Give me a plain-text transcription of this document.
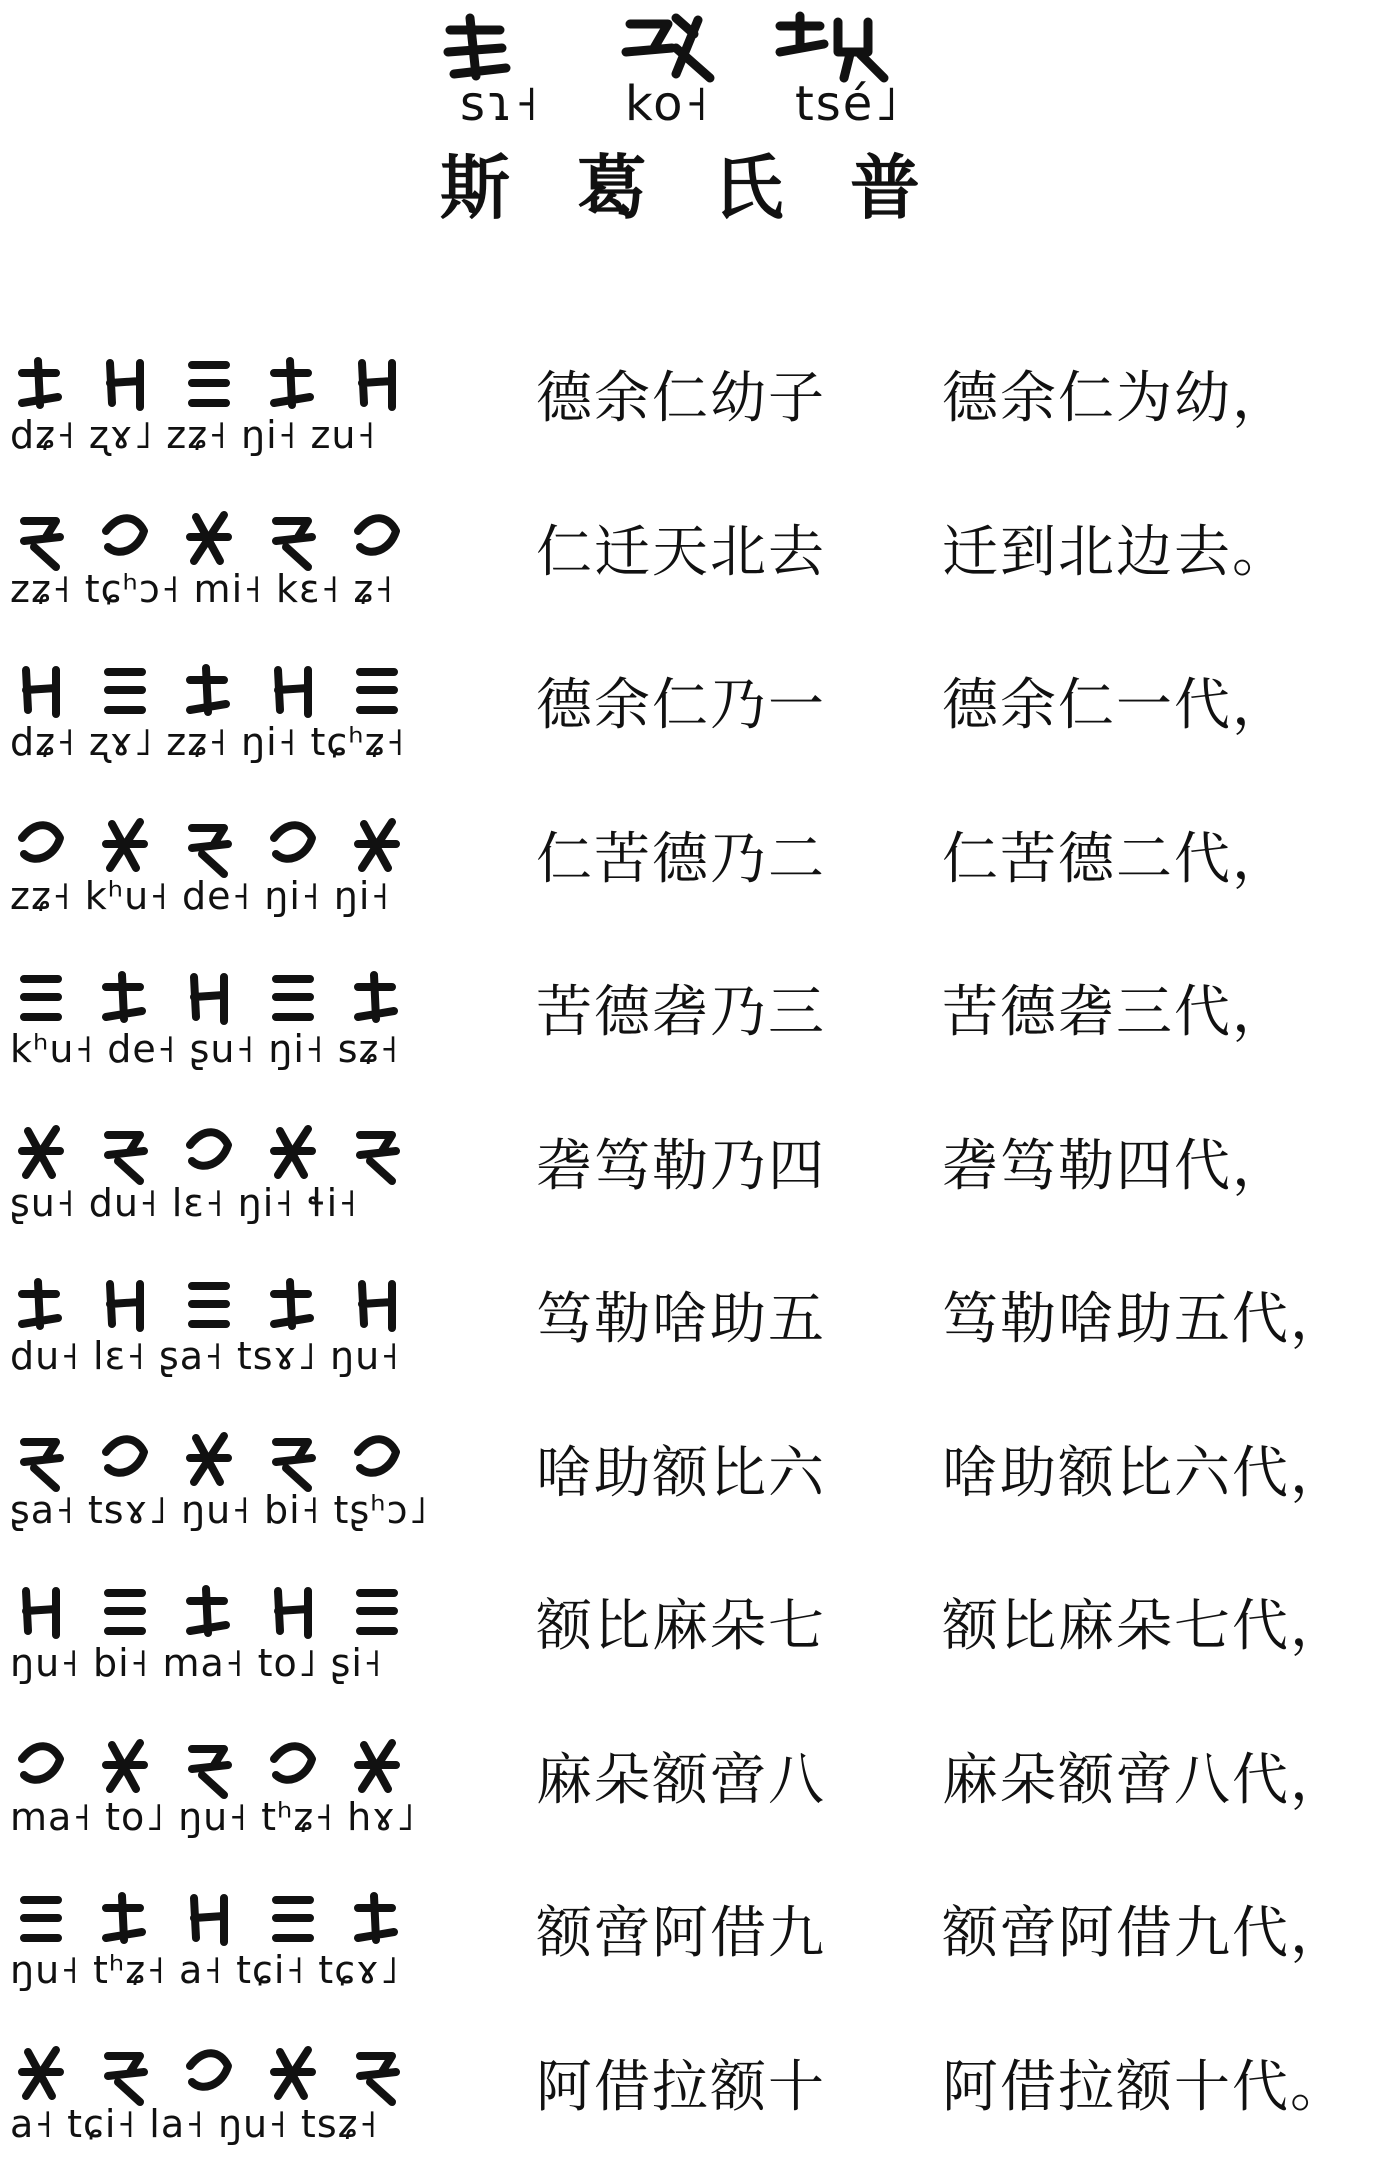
sɿ˧ ko˧ tsé˩
斯 葛 氏 普
dʑ˧ ʐɤ˩ zʑ˧ ŋi˧ zu˧
德余仁幼子 德余仁为幼，
zʑ˧ tɕʰɔ˧ mi˧ kɛ˧ ʑ˧
仁迁天北去 迁到北边去。
dʑ˧ ʐɤ˩ zʑ˧ ŋi˧ tɕʰʑ˧
德余仁乃一 德余仁一代，
zʑ˧ kʰu˧ de˧ ŋi˧ ŋi˧
仁苦德乃二 仁苦德二代，
kʰu˧ de˧ ʂu˧ ŋi˧ sʑ˧
苦德砻乃三 苦德砻三代，
ʂu˧ du˧ lɛ˧ ŋi˧ ɬi˧
砻笃勒乃四 砻笃勒四代，
du˧ lɛ˧ ʂa˧ tsɤ˩ ŋu˧
笃勒啥助五 笃勒啥助五代，
ʂa˧ tsɤ˩ ŋu˧ bi˧ tʂʰɔ˩
啥助额比六 啥助额比六代，
ŋu˧ bi˧ ma˧ to˩ ʂi˧
额比麻朵七 额比麻朵七代，
ma˧ to˩ ŋu˧ tʰʑ˧ hɤ˩
麻朵额啻八 麻朵额啻八代，
ŋu˧ tʰʑ˧ a˧ tɕi˧ tɕɤ˩
额啻阿借九 额啻阿借九代，
a˧ tɕi˧ la˧ ŋu˧ tsʑ˧
阿借拉额十 阿借拉额十代。
